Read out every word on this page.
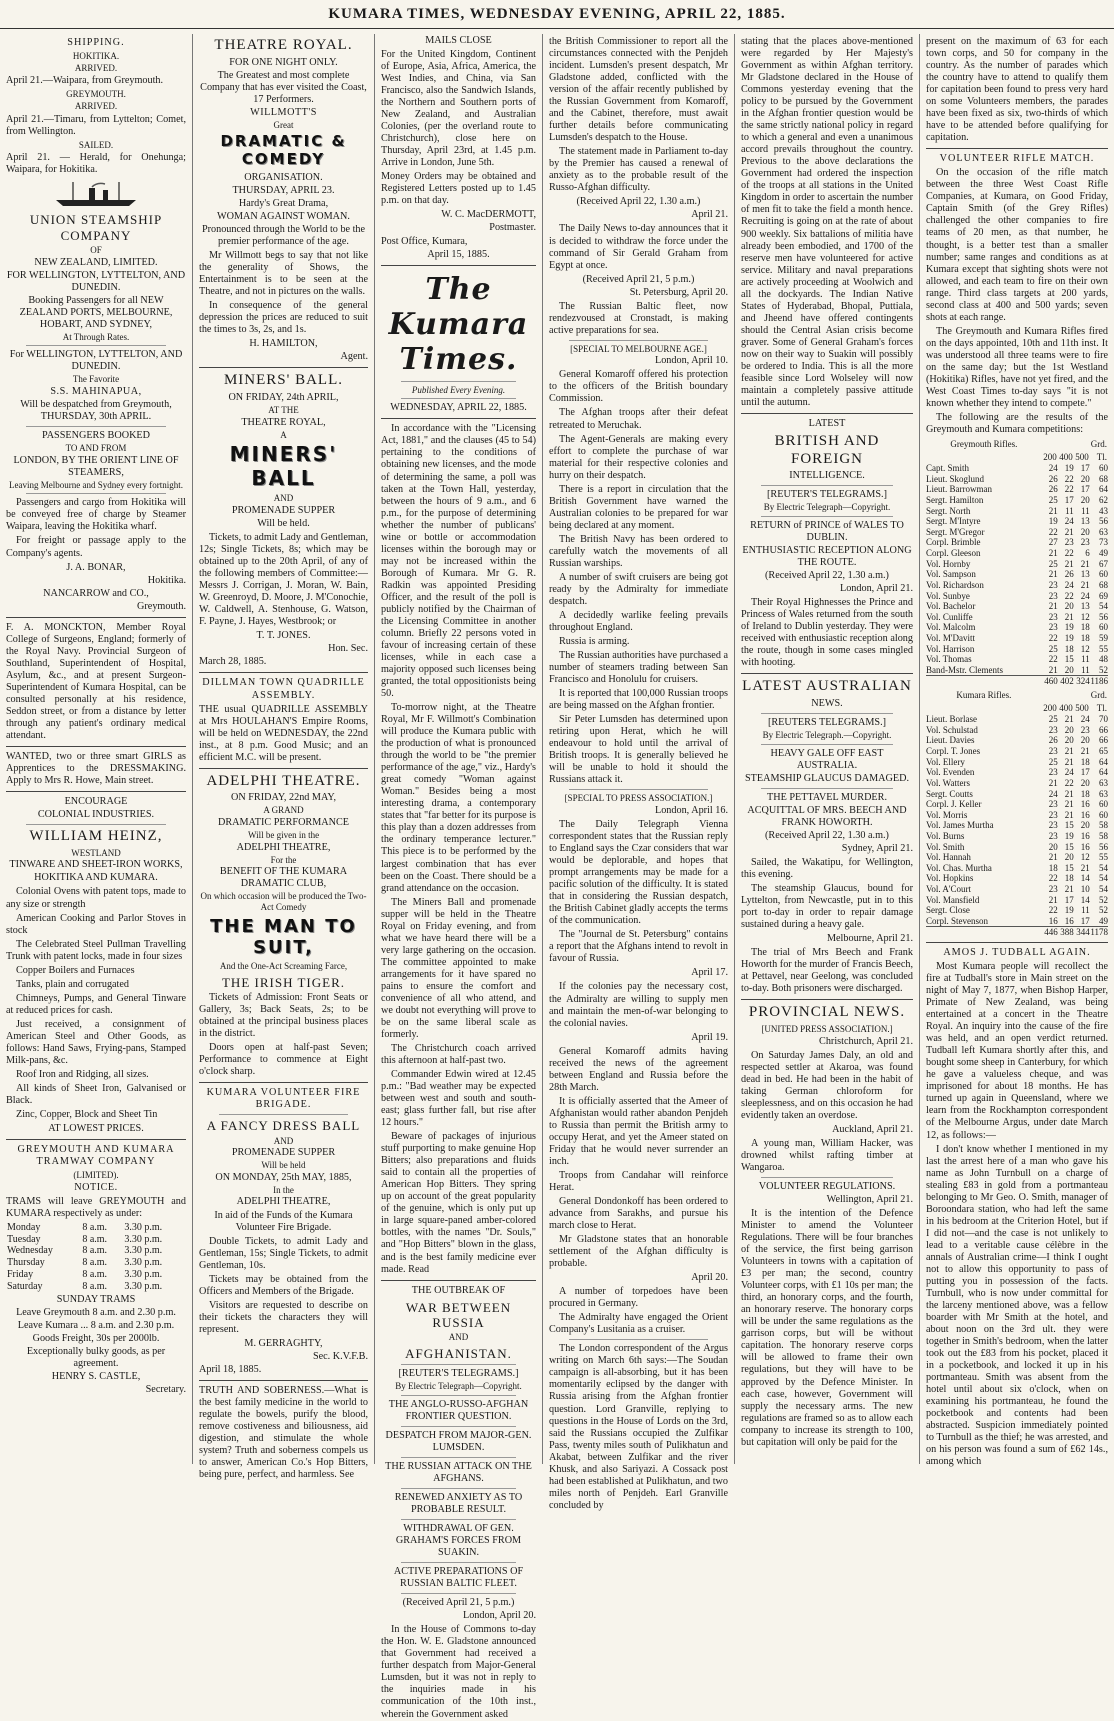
KUMARA TIMES, WEDNESDAY EVENING, APRIL 22, 1885.
SHIPPING.
HOKITIKA.
ARRIVED.

April 21.—Waipara, from Greymouth.

GREYMOUTH.
ARRIVED.

April 21.—Timaru, from Lyttelton; Comet, from Wellington.

SAILED.

April 21. — Herald, for Onehunga; Waipara, for Hokitika.

UNION STEAMSHIP COMPANY
OF
NEW ZEALAND, LIMITED.
FOR WELLINGTON, LYTTELTON, AND DUNEDIN.
Booking Passengers for all NEW ZEALAND PORTS, MELBOURNE, HOBART, AND SYDNEY,
At Through Rates.
For WELLINGTON, LYTTELTON, AND DUNEDIN.
The Favorite
S.S. MAHINAPUA,
Will be despatched from Greymouth, THURSDAY, 30th APRIL.
PASSENGERS BOOKED
TO AND FROM
LONDON, BY THE ORIENT LINE OF STEAMERS,
Leaving Melbourne and Sydney every fortnight.

Passengers and cargo from Hokitika will be conveyed free of charge by Steamer Waipara, leaving the Hokitika wharf.

For freight or passage apply to the Company's agents.

J. A. BONAR,
Hokitika.
NANCARROW and CO.,
Greymouth.

F. A. MONCKTON, Member Royal College of Surgeons, England; formerly of the Royal Navy. Provincial Surgeon of Southland, Superintendent of Hospital, Asylum, &c., and at present Surgeon-Superintendent of Kumara Hospital, can be consulted personally at his residence, Seddon street, or from a distance by letter through any patient's ordinary medical attendant.

WANTED, two or three smart GIRLS as Apprentices to the DRESSMAKING. Apply to Mrs R. Howe, Main street.

ENCOURAGE
COLONIAL INDUSTRIES.
WILLIAM HEINZ,
WESTLAND
TINWARE AND SHEET-IRON WORKS,
HOKITIKA AND KUMARA.

Colonial Ovens with patent tops, made to any size or strength

American Cooking and Parlor Stoves in stock

The Celebrated Steel Pullman Travelling Trunk with patent locks, made in four sizes

Copper Boilers and Furnaces

Tanks, plain and corrugated

Chimneys, Pumps, and General Tinware at reduced prices for cash.

Just received, a consignment of American Steel and Other Goods, as follows: Hand Saws, Frying-pans, Stamped Milk-pans, &c.

Roof Iron and Ridging, all sizes.

All kinds of Sheet Iron, Galvanised or Black.

Zinc, Copper, Block and Sheet Tin

AT LOWEST PRICES.
GREYMOUTH AND KUMARA TRAMWAY COMPANY
(LIMITED).
NOTICE.

TRAMS will leave GREYMOUTH and KUMARA respectively as under:

Monday	8 a.m.	3.30 p.m.
Tuesday	8 a.m.	3.30 p.m.
Wednesday	8 a.m.	3.30 p.m.
Thursday	8 a.m.	3.30 p.m.
Friday	8 a.m.	3.30 p.m.
Saturday	8 a.m.	3.30 p.m.
SUNDAY TRAMS
Leave Greymouth 8 a.m. and 2.30 p.m.
Leave Kumara ... 8 a.m. and 2.30 p.m.
Goods Freight, 30s per 2000lb.
Exceptionally bulky goods, as per agreement.
HENRY S. CASTLE,
Secretary.
THEATRE ROYAL.
FOR ONE NIGHT ONLY.
The Greatest and most complete Company that has ever visited the Coast, 17 Performers.
WILLMOTT'S
Great
DRAMATIC & COMEDY
ORGANISATION.
THURSDAY, APRIL 23.
Hardy's Great Drama,
WOMAN AGAINST WOMAN.
Pronounced through the World to be the premier performance of the age.

Mr Willmott begs to say that not like the generality of Shows, the Entertainment is to be seen at the Theatre, and not in pictures on the walls.

In consequence of the general depression the prices are reduced to suit the times to 3s, 2s, and 1s.

H. HAMILTON,
Agent.
MINERS' BALL.
ON FRIDAY, 24th APRIL,
AT THE
THEATRE ROYAL,
A
MINERS' BALL
AND
PROMENADE SUPPER
Will be held.

Tickets, to admit Lady and Gentleman, 12s; Single Tickets, 8s; which may be obtained up to the 20th April, of any of the following members of Committee:—Messrs J. Corrigan, J. Moran, W. Bain, W. Greenroyd, D. Moore, J. M'Conochie, W. Caldwell, A. Stenhouse, G. Watson, F. Payne, J. Hayes, Westbrook; or

T. T. JONES.
Hon. Sec.
March 28, 1885.
DILLMAN TOWN QUADRILLE ASSEMBLY.

THE usual QUADRILLE ASSEMBLY at Mrs HOULAHAN'S Empire Rooms, will be held on WEDNESDAY, the 22nd inst., at 8 p.m. Good Music; and an efficient M.C. will be present.

ADELPHI THEATRE.
ON FRIDAY, 22nd MAY,
A GRAND
DRAMATIC PERFORMANCE
Will be given in the
ADELPHI THEATRE,
For the
BENEFIT OF THE KUMARA DRAMATIC CLUB,
On which occasion will be produced the Two-Act Comedy
THE MAN TO SUIT,
And the One-Act Screaming Farce,
THE IRISH TIGER.

Tickets of Admission: Front Seats or Gallery, 3s; Back Seats, 2s; to be obtained at the principal business places in the district.

Doors open at half-past Seven; Performance to commence at Eight o'clock sharp.

KUMARA VOLUNTEER FIRE BRIGADE.
A FANCY DRESS BALL
AND
PROMENADE SUPPER
Will be held
ON MONDAY, 25th MAY, 1885,
In the
ADELPHI THEATRE,
In aid of the Funds of the Kumara Volunteer Fire Brigade.

Double Tickets, to admit Lady and Gentleman, 15s; Single Tickets, to admit Gentleman, 10s.

Tickets may be obtained from the Officers and Members of the Brigade.

Visitors are requested to describe on their tickets the characters they will represent.

M. GERRAGHTY,
Sec. K.V.F.B.
April 18, 1885.

TRUTH AND SOBERNESS.—What is the best family medicine in the world to regulate the bowels, purify the blood, remove costiveness and biliousness, aid digestion, and stimulate the whole system? Truth and soberness compels us to answer, American Co.'s Hop Bitters, being pure, perfect, and harmless. See

MAILS CLOSE

For the United Kingdom, Continent of Europe, Asia, Africa, America, the West Indies, and China, via San Francisco, also the Sandwich Islands, the Northern and Southern ports of New Zealand, and Australian Colonies, (per the overland route to Christchurch), close here on Thursday, April 23rd, at 1.45 p.m. Arrive in London, June 5th.

Money Orders may be obtained and Registered Letters posted up to 1.45 p.m. on that day.

W. C. MacDERMOTT,
Postmaster.
Post Office, Kumara,
April 15, 1885.
The Kumara Times.
Published Every Evening.
WEDNESDAY, APRIL 22, 1885.

In accordance with the "Licensing Act, 1881," and the clauses (45 to 54) pertaining to the conditions of obtaining new licenses, and the mode of determining the same, a poll was taken at the Town Hall, yesterday, between the hours of 9 a.m., and 6 p.m., for the purpose of determining whether the number of publicans' wine or bottle or accommodation licenses within the borough may or may not be increased within the Borough of Kumara. Mr G. R. Radkin was appointed Presiding Officer, and the result of the poll is publicly notified by the Chairman of the Licensing Committee in another column. Briefly 22 persons voted in favour of increasing certain of these licenses, while in each case a majority opposed such licenses being granted, the total oppositionists being 50.

To-morrow night, at the Theatre Royal, Mr F. Willmott's Combination will produce the Kumara public with the production of what is pronounced through the world to be "the premier performance of the age," viz., Hardy's great comedy "Woman against Woman." Besides being a most interesting drama, a contemporary states that "far better for its purpose is this play than a dozen addresses from the ordinary temperance lecturer." This piece is to be performed by the largest combination that has ever been on the Coast. There should be a grand attendance on the occasion.

The Miners Ball and promenade supper will be held in the Theatre Royal on Friday evening, and from what we have heard there will be a very large gathering on the occasion. The committee appointed to make arrangements for it have spared no pains to ensure the comfort and convenience of all who attend, and we doubt not everything will prove to be on the same liberal scale as formerly.

The Christchurch coach arrived this afternoon at half-past two.

Commander Edwin wired at 12.45 p.m.: "Bad weather may be expected between west and south and south-east; glass further fall, but rise after 12 hours."

Beware of packages of injurious stuff purporting to make genuine Hop Bitters; also preparations and fluids said to contain all the properties of American Hop Bitters. They spring up on account of the great popularity of the genuine, which is only put up in large square-paned amber-colored bottles, with the names "Dr. Souls," and "Hop Bitters" blown in the glass, and is the best family medicine ever made. Read

THE OUTBREAK OF
WAR BETWEEN RUSSIA
AND
AFGHANISTAN.
[REUTER'S TELEGRAMS.]
By Electric Telegraph—Copyright.
THE ANGLO-RUSSO-AFGHAN FRONTIER QUESTION.
DESPATCH FROM MAJOR-GEN. LUMSDEN.
THE RUSSIAN ATTACK ON THE AFGHANS.
RENEWED ANXIETY AS TO PROBABLE RESULT.
WITHDRAWAL OF GEN. GRAHAM'S FORCES FROM SUAKIN.
ACTIVE PREPARATIONS OF RUSSIAN BALTIC FLEET.
(Received April 21, 5 p.m.)
London, April 20.

In the House of Commons to-day the Hon. W. E. Gladstone announced that Government had received a further despatch from Major-General Lumsden, but it was not in reply to the inquiries made in his communication of the 10th inst., wherein the Government asked

the British Commissioner to report all the circumstances connected with the Penjdeh incident. Lumsden's present despatch, Mr Gladstone added, conflicted with the version of the affair recently published by the Russian Government from Komaroff, and the Cabinet, therefore, must await further details before communicating Lumsden's despatch to the House.

The statement made in Parliament to-day by the Premier has caused a renewal of anxiety as to the probable result of the Russo-Afghan difficulty.

(Received April 22, 1.30 a.m.)
April 21.

The Daily News to-day announces that it is decided to withdraw the force under the command of Sir Gerald Graham from Egypt at once.

(Received April 21, 5 p.m.)
St. Petersburg, April 20.

The Russian Baltic fleet, now rendezvoused at Cronstadt, is making active preparations for sea.

[SPECIAL TO MELBOURNE AGE.]
London, April 10.

General Komaroff offered his protection to the officers of the British boundary Commission.

The Afghan troops after their defeat retreated to Meruchak.

The Agent-Generals are making every effort to complete the purchase of war material for their respective colonies and hurry on their despatch.

There is a report in circulation that the British Government have warned the Australian colonies to be prepared for war being declared at any moment.

The British Navy has been ordered to carefully watch the movements of all Russian warships.

A number of swift cruisers are being got ready by the Admiralty for immediate despatch.

A decidedly warlike feeling prevails throughout England.

Russia is arming.

The Russian authorities have purchased a number of steamers trading between San Francisco and Honolulu for cruisers.

It is reported that 100,000 Russian troops are being massed on the Afghan frontier.

Sir Peter Lumsden has determined upon retiring upon Herat, which he will endeavour to hold until the arrival of British troops. It is generally believed he will be unable to hold it should the Russians attack it.

[SPECIAL TO PRESS ASSOCIATION.]
London, April 16.

The Daily Telegraph Vienna correspondent states that the Russian reply to England says the Czar considers that war would be deplorable, and hopes that prompt arrangements may be made for a pacific solution of the difficulty. It is stated that in considering the Russian despatch, the British Cabinet gladly accepts the terms of the communication.

The "Journal de St. Petersburg" contains a report that the Afghans intend to revolt in favour of Russia.

April 17.

If the colonies pay the necessary cost, the Admiralty are willing to supply men and maintain the men-of-war belonging to the colonial navies.

April 19.

General Komaroff admits having received the news of the agreement between England and Russia before the 28th March.

It is officially asserted that the Ameer of Afghanistan would rather abandon Penjdeh to Russia than permit the British army to occupy Herat, and yet the Ameer stated on Friday that he would never surrender an inch.

Troops from Candahar will reinforce Herat.

General Dondonkoff has been ordered to advance from Sarakhs, and pursue his march close to Herat.

Mr Gladstone states that an honorable settlement of the Afghan difficulty is probable.

April 20.

A number of torpedoes have been procured in Germany.

The Admiralty have engaged the Orient Company's Lusitania as a cruiser.

The London correspondent of the Argus writing on March 6th says:—The Soudan campaign is all-absorbing, but it has been momentarily eclipsed by the danger with Russia arising from the Afghan frontier question. Lord Granville, replying to questions in the House of Lords on the 3rd, said the Russians occupied the Zulfikar Pass, twenty miles south of Pulikhatun and Akabat, between Zulfikar and the river Khusk, and also Sariyazi. A Cossack post had been established at Pulikhatun, and two miles north of Penjdeh. Earl Granville concluded by

stating that the places above-mentioned were regarded by Her Majesty's Government as within Afghan territory. Mr Gladstone declared in the House of Commons yesterday evening that the policy to be pursued by the Government in the Afghan frontier question would be the same strictly national policy in regard to which a general and even a unanimous accord prevails throughout the country. Previous to the above declarations the Government had ordered the inspection of the troops at all stations in the United Kingdom in order to ascertain the number of men fit to take the field a month hence. Recruiting is going on at the rate of about 900 weekly. Six battalions of militia have already been embodied, and 1700 of the reserve men have volunteered for active service. Military and naval preparations are actively proceeding at Woolwich and all the dockyards. The Indian Native States of Hyderabad, Bhopal, Puttiala, and Jheend have offered contingents should the Central Asian crisis become graver. Some of General Graham's forces now on their way to Suakin will possibly be ordered to India. This is all the more feasible since Lord Wolseley will now maintain a completely passive attitude until the autumn.

LATEST
BRITISH AND FOREIGN
INTELLIGENCE.
[REUTER'S TELEGRAMS.]
By Electric Telegraph—Copyright.
RETURN of PRINCE of WALES TO DUBLIN.
ENTHUSIASTIC RECEPTION ALONG THE ROUTE.
(Received April 22, 1.30 a.m.)
London, April 21.

Their Royal Highnesses the Prince and Princess of Wales returned from the south of Ireland to Dublin yesterday. They were received with enthusiastic reception along the route, though in some cases mingled with hooting.

LATEST AUSTRALIAN
NEWS.
[REUTERS TELEGRAMS.]
By Electric Telegraph.—Copyright.
HEAVY GALE OFF EAST AUSTRALIA.
STEAMSHIP GLAUCUS DAMAGED.
THE PETTAVEL MURDER.
ACQUITTAL OF MRS. BEECH AND FRANK HOWORTH.
(Received April 22, 1.30 a.m.)
Sydney, April 21.

Sailed, the Wakatipu, for Wellington, this evening.

The steamship Glaucus, bound for Lyttelton, from Newcastle, put in to this port to-day in order to repair damage sustained during a heavy gale.

Melbourne, April 21.

The trial of Mrs Beech and Frank Howorth for the murder of Francis Beech, at Pettavel, near Geelong, was concluded to-day. Both prisoners were discharged.

PROVINCIAL NEWS.
[UNITED PRESS ASSOCIATION.]
Christchurch, April 21.

On Saturday James Daly, an old and respected settler at Akaroa, was found dead in bed. He had been in the habit of taking German chloroform for sleeplessness, and on this occasion he had evidently taken an overdose.

Auckland, April 21.

A young man, William Hacker, was drowned whilst rafting timber at Wangaroa.

VOLUNTEER REGULATIONS.
Wellington, April 21.

It is the intention of the Defence Minister to amend the Volunteer Regulations. There will be four branches of the service, the first being garrison Volunteers in towns with a capitation of £3 per man; the second, country Volunteer corps, with £1 10s per man; the third, an honorary corps, and the fourth, an honorary reserve. The honorary corps will be under the same regulations as the garrison corps, but will be without capitation. The honorary reserve corps will be allowed to frame their own regulations, but they will have to be approved by the Defence Minister. In each case, however, Government will supply the necessary arms. The new regulations are framed so as to allow each company to increase its strength to 100, but capitation will only be paid for the

present on the maximum of 63 for each town corps, and 50 for company in the country. As the number of parades which the country have to attend to qualify them for capitation been found to press very hard on some Volunteers members, the parades have been fixed as six, two-thirds of which have to be attended before qualifying for capitation.

VOLUNTEER RIFLE MATCH.

On the occasion of the rifle match between the three West Coast Rifle Companies, at Kumara, on Good Friday, Captain Smith (of the Grey Rifles) challenged the other companies to fire teams of 20 men, as that number, he thought, is a better test than a smaller number; same ranges and conditions as at Kumara except that sighting shots were not allowed, and each team to fire on their own range. Third class targets at 200 yards, second class at 400 and 500 yards; seven shots at each range.

The Greymouth and Kumara Rifles fired on the days appointed, 10th and 11th inst. It was understood all three teams were to fire on the same day; but the 1st Westland (Hokitika) Rifles, have not yet fired, and the West Coast Times to-day says "it is not known whether they intend to compete."

The following are the results of the Greymouth and Kumara competitions:

Greymouth Rifles.				Grd.
	200	400	500	Tl.
Capt. Smith	24	19	17	60
Lieut. Skoglund	26	22	20	68
Lieut. Barrowman	26	22	17	64
Sergt. Hamilton	25	17	20	62
Sergt. North	21	11	11	43
Sergt. M'Intyre	19	24	13	56
Sergt. M'Gregor	22	21	20	63
Corpl. Brimble	27	23	23	73
Corpl. Gleeson	21	22	6	49
Vol. Hornby	25	21	21	67
Vol. Sampson	21	26	13	60
Vol. Richardson	23	24	21	68
Vol. Sunbye	23	22	24	69
Vol. Bachelor	21	20	13	54
Vol. Cunliffe	23	21	12	56
Vol. Malcolm	23	19	18	60
Vol. M'Davitt	22	19	18	59
Vol. Harrison	25	18	12	55
Vol. Thomas	22	15	11	48
Band-Mstr. Clements	21	20	11	52
	460	402	324	1186
Kumara Rifles.				Grd.
	200	400	500	Tl.
Lieut. Borlase	25	21	24	70
Vol. Schulstad	23	20	23	66
Lieut. Davies	26	20	20	66
Corpl. T. Jones	23	21	21	65
Vol. Ellery	25	21	18	64
Vol. Evenden	23	24	17	64
Vol. Watters	21	22	20	63
Sergt. Coutts	24	21	18	63
Corpl. J. Keller	23	21	16	60
Vol. Morris	23	21	16	60
Vol. James Murtha	23	15	20	58
Vol. Burns	23	19	16	58
Vol. Smith	20	15	16	56
Vol. Hannah	21	20	12	55
Vol. Chas. Murtha	18	15	21	54
Vol. Hopkins	22	18	14	54
Vol. A'Court	23	21	10	54
Vol. Mansfield	21	17	14	52
Sergt. Close	22	19	11	52
Corpl. Stevenson	16	16	17	49
	446	388	344	1178
AMOS J. TUDBALL AGAIN.

Most Kumara people will recollect the fire at Tudball's store in Main street on the night of May 7, 1877, when Bishop Harper, Primate of New Zealand, was being entertained at a concert in the Theatre Royal. An inquiry into the cause of the fire was held, and an open verdict returned. Tudball left Kumara shortly after this, and bought some sheep in Canterbury, for which he gave a valueless cheque, and was imprisoned for about 18 months. He has turned up again in Queensland, where we learn from the Rockhampton correspondent of the Melbourne Argus, under date March 12, as follows:—

I don't know whether I mentioned in my last the arrest here of a man who gave his name as John Turnbull on a charge of stealing £83 in gold from a portmanteau belonging to Mr Geo. O. Smith, manager of Boroondara station, who had left the same in his bedroom at the Criterion Hotel, but if I did not—and the case is not unlikely to lead to a veritable cause célèbre in the annals of Australian crime—I think I ought not to allow this opportunity to pass of putting you in possession of the facts. Turnbull, who is now under committal for the larceny mentioned above, was a fellow boarder with Mr Smith at the hotel, and about noon on the 3rd ult. they were together in Smith's bedroom, when the latter took out the £83 from his pocket, placed it in a pocketbook, and locked it up in his portmanteau. Smith was absent from the hotel until about six o'clock, when on examining his portmanteau, he found the pocketbook and contents had been abstracted. Suspicion immediately pointed to Turnbull as the thief; he was arrested, and on his person was found a sum of £62 14s., among which
